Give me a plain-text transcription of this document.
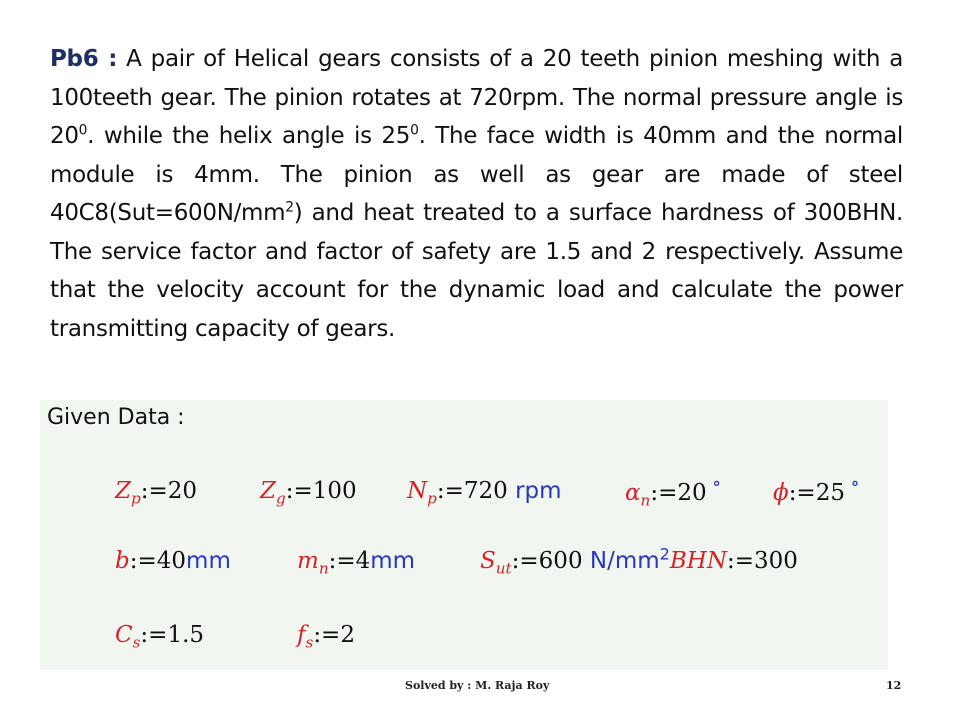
Pb6 : A pair of Helical gears consists of a 20 teeth pinion meshing with a 100teeth gear. The pinion rotates at 720rpm. The normal pressure angle is $20^0$. while the helix angle is $25^0$. The face width is 40mm and the normal module is 4mm. The pinion as well as gear are made of steel $40C8(Sut=600N/mm^2)$ and heat treated to a surface hardness of 300BHN. The service factor and factor of safety are 1.5 and 2 respectively. Assume that the velocity account for the dynamic load and calculate the power transmitting capacity of gears.
Given Data :
$Z_p:=20$	$Z_g:=100$ $N_p:=720$ rpm	$\alpha_n:=20$ ° ϕ:=25 °
b:=40mm	$m_n:=4mm$	$S_{ut}:=600$ $N/mm^2BHN:=300$
$C_s:=1.5$	$f_s:=2$
Solved by : M. Raja Roy	12
